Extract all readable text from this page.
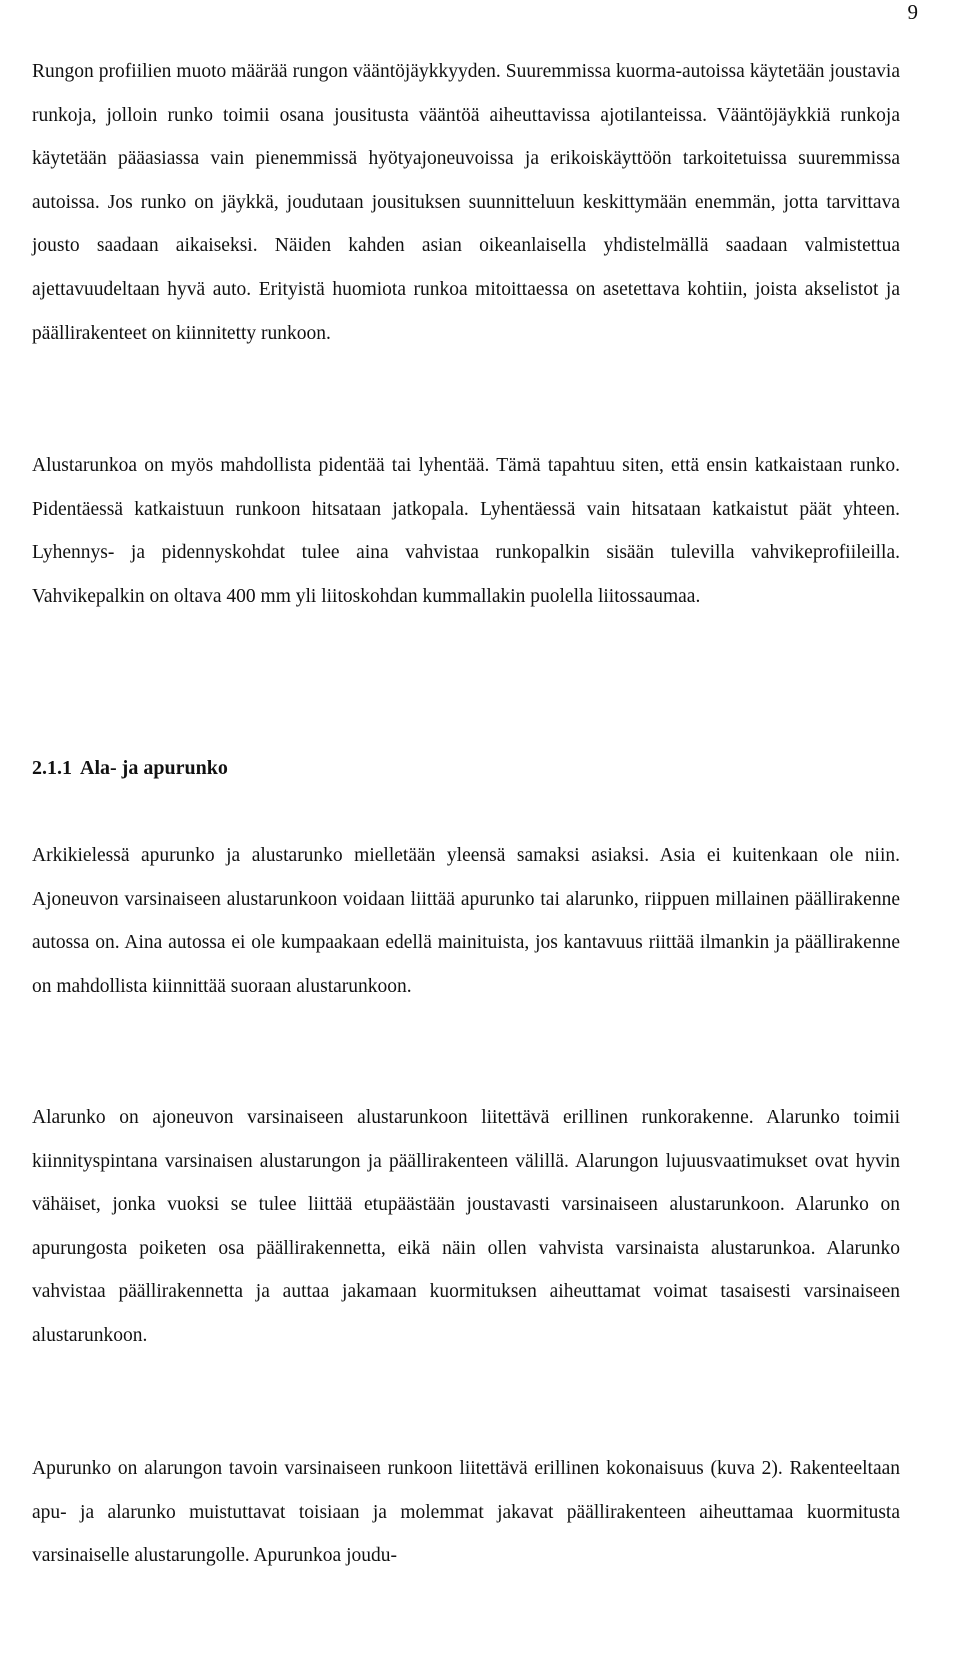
9

Rungon profiilien muoto määrää rungon vääntöjäykkyyden. Suuremmissa kuorma-autoissa käytetään joustavia runkoja, jolloin runko toimii osana jousitusta vääntöä aiheuttavissa ajotilanteissa. Vääntöjäykkiä runkoja käytetään pääasiassa vain pienemmissä hyötyajoneuvoissa ja erikoiskäyttöön tarkoitetuissa suuremmissa autoissa. Jos runko on jäykkä, joudutaan jousituksen suunnitteluun keskittymään enemmän, jotta tarvittava jousto saadaan aikaiseksi. Näiden kahden asian oikeanlaisella yhdistelmällä saadaan valmistettua ajettavuudeltaan hyvä auto. Erityistä huomiota runkoa mitoittaessa on asetettava kohtiin, joista akselistot ja päällirakenteet on kiinnitetty runkoon.

Alustarunkoa on myös mahdollista pidentää tai lyhentää. Tämä tapahtuu siten, että ensin katkaistaan runko. Pidentäessä katkaistuun runkoon hitsataan jatkopala. Lyhentäessä vain hitsataan katkaistut päät yhteen. Lyhennys- ja pidennyskohdat tulee aina vahvistaa runkopalkin sisään tulevilla vahvikeprofiileilla. Vahvikepalkin on oltava 400 mm yli liitoskohdan kummallakin puolella liitossaumaa.

2.1.1 Ala- ja apurunko

Arkikielessä apurunko ja alustarunko mielletään yleensä samaksi asiaksi. Asia ei kuitenkaan ole niin. Ajoneuvon varsinaiseen alustarunkoon voidaan liittää apurunko tai alarunko, riippuen millainen päällirakenne autossa on. Aina autossa ei ole kumpaakaan edellä mainituista, jos kantavuus riittää ilmankin ja päällirakenne on mahdollista kiinnittää suoraan alustarunkoon.

Alarunko on ajoneuvon varsinaiseen alustarunkoon liitettävä erillinen runkorakenne. Alarunko toimii kiinnityspintana varsinaisen alustarungon ja päällirakenteen välillä. Alarungon lujuusvaatimukset ovat hyvin vähäiset, jonka vuoksi se tulee liittää etupäästään joustavasti varsinaiseen alustarunkoon. Alarunko on apurungosta poiketen osa päällirakennetta, eikä näin ollen vahvista varsinaista alustarunkoa. Alarunko vahvistaa päällirakennetta ja auttaa jakamaan kuormituksen aiheuttamat voimat tasaisesti varsinaiseen alustarunkoon.

Apurunko on alarungon tavoin varsinaiseen runkoon liitettävä erillinen kokonaisuus (kuva 2). Rakenteeltaan apu- ja alarunko muistuttavat toisiaan ja molemmat jakavat päällirakenteen aiheuttamaa kuormitusta varsinaiselle alustarungolle. Apurunkoa joudu-
